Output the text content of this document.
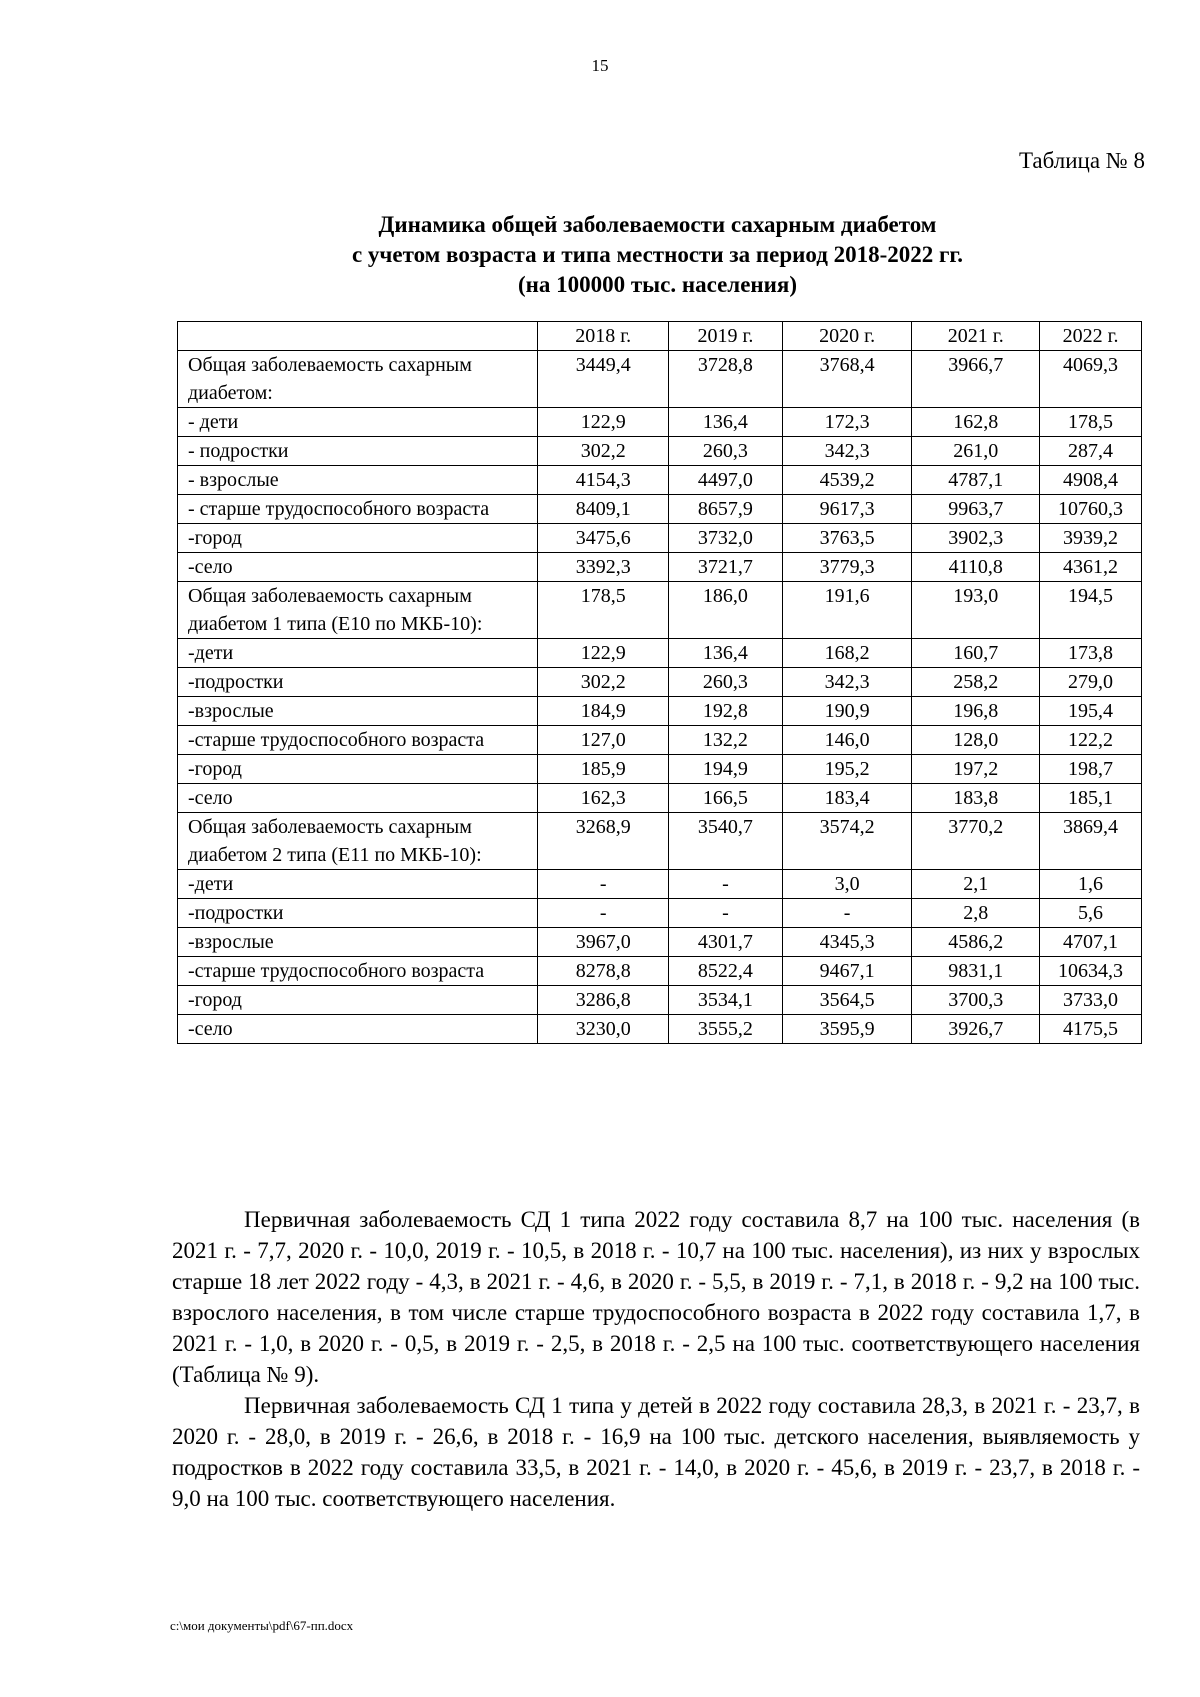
15
Таблица № 8
Динамика общей заболеваемости сахарным диабетом
с учетом возраста и типа местности за период 2018-2022 гг.
(на 100000 тыс. населения)
	2018 г.	2019 г.	2020 г.	2021 г.	2022 г.
Общая заболеваемость сахарным диабетом:	3449,4	3728,8	3768,4	3966,7	4069,3
- дети	122,9	136,4	172,3	162,8	178,5
- подростки	302,2	260,3	342,3	261,0	287,4
- взрослые	4154,3	4497,0	4539,2	4787,1	4908,4
- старше трудоспособного возраста	8409,1	8657,9	9617,3	9963,7	10760,3
-город	3475,6	3732,0	3763,5	3902,3	3939,2
-село	3392,3	3721,7	3779,3	4110,8	4361,2
Общая заболеваемость сахарным диабетом 1 типа (Е10 по МКБ-10):	178,5	186,0	191,6	193,0	194,5
-дети	122,9	136,4	168,2	160,7	173,8
-подростки	302,2	260,3	342,3	258,2	279,0
-взрослые	184,9	192,8	190,9	196,8	195,4
-старше трудоспособного возраста	127,0	132,2	146,0	128,0	122,2
-город	185,9	194,9	195,2	197,2	198,7
-село	162,3	166,5	183,4	183,8	185,1
Общая заболеваемость сахарным диабетом 2 типа (Е11 по МКБ-10):	3268,9	3540,7	3574,2	3770,2	3869,4
-дети	-	-	3,0	2,1	1,6
-подростки	-	-	-	2,8	5,6
-взрослые	3967,0	4301,7	4345,3	4586,2	4707,1
-старше трудоспособного возраста	8278,8	8522,4	9467,1	9831,1	10634,3
-город	3286,8	3534,1	3564,5	3700,3	3733,0
-село	3230,0	3555,2	3595,9	3926,7	4175,5

Первичная заболеваемость СД 1 типа 2022 году составила 8,7 на 100 тыс. населения (в 2021 г. - 7,7, 2020 г. - 10,0, 2019 г. - 10,5, в 2018 г. - 10,7 на 100 тыс. населения), из них у взрослых старше 18 лет 2022 году - 4,3, в 2021 г. - 4,6, в 2020 г. - 5,5, в 2019 г. - 7,1, в 2018 г. - 9,2 на 100 тыс. взрослого населения, в том числе старше трудоспособного возраста в 2022 году составила 1,7, в 2021 г. - 1,0, в 2020 г. - 0,5, в 2019 г. - 2,5, в 2018 г. - 2,5 на 100 тыс. соответствующего населения (Таблица № 9).

Первичная заболеваемость СД 1 типа у детей в 2022 году составила 28,3, в 2021 г. - 23,7, в 2020 г. - 28,0, в 2019 г. - 26,6, в 2018 г. - 16,9 на 100 тыс. детского населения, выявляемость у подростков в 2022 году составила 33,5, в 2021 г. - 14,0, в 2020 г. - 45,6, в 2019 г. - 23,7, в 2018 г. - 9,0 на 100 тыс. соответствующего населения.

c:\мои документы\pdf\67-пп.docx
